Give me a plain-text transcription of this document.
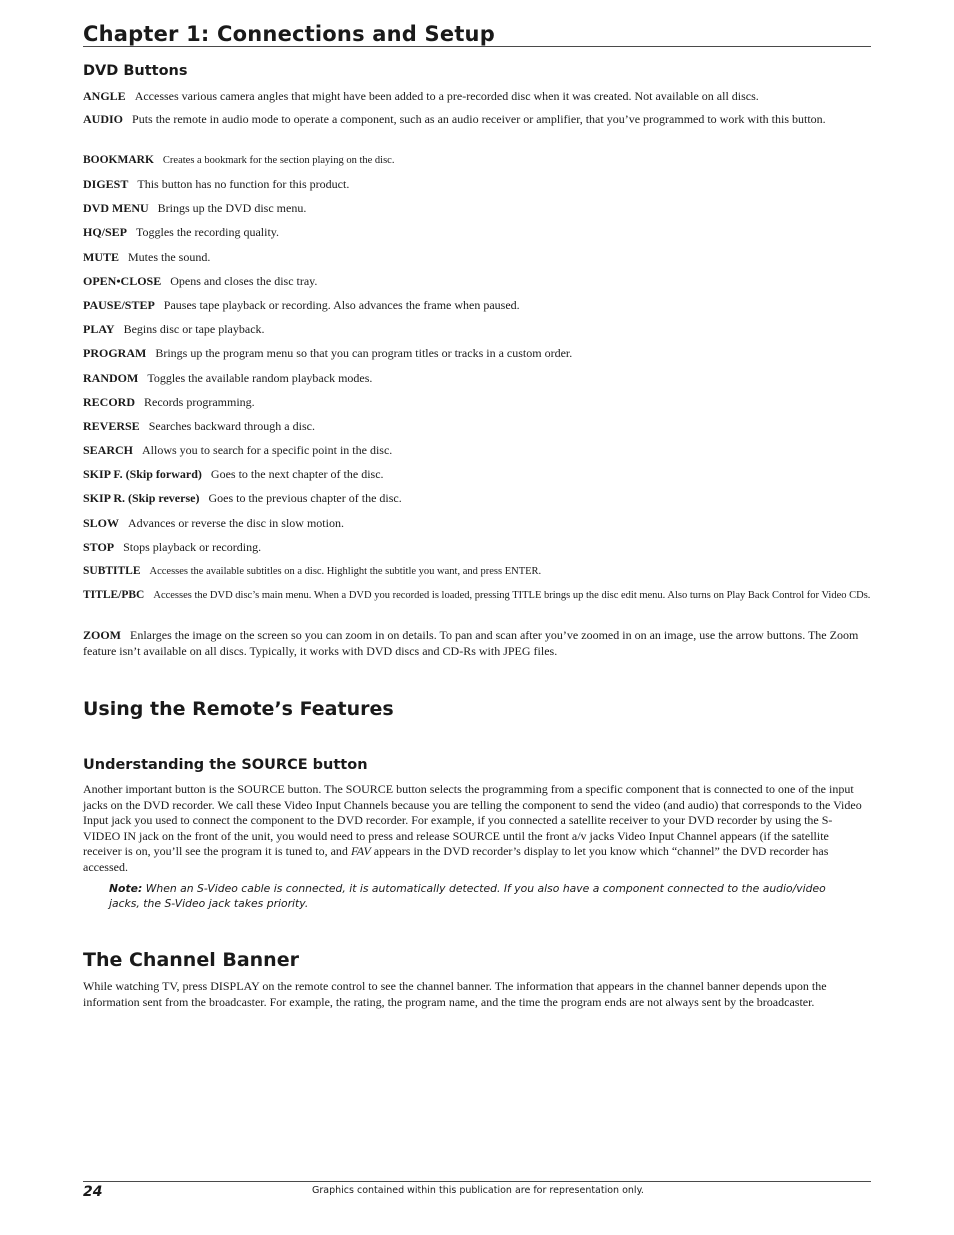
Chapter 1: Connections and Setup
DVD Buttons

ANGLE Accesses various camera angles that might have been added to a pre-recorded disc when it was created. Not available on all discs.

AUDIO Puts the remote in audio mode to operate a component, such as an audio receiver or amplifier, that you’ve programmed to work with this button.

BOOKMARK Creates a bookmark for the section playing on the disc.

DIGEST This button has no function for this product.

DVD MENU Brings up the DVD disc menu.

HQ/SEP Toggles the recording quality.

MUTE Mutes the sound.

OPEN•CLOSE Opens and closes the disc tray.

PAUSE/STEP Pauses tape playback or recording. Also advances the frame when paused.

PLAY Begins disc or tape playback.

PROGRAM Brings up the program menu so that you can program titles or tracks in a custom order.

RANDOM Toggles the available random playback modes.

RECORD Records programming.

REVERSE Searches backward through a disc.

SEARCH Allows you to search for a specific point in the disc.

SKIP F. (Skip forward) Goes to the next chapter of the disc.

SKIP R. (Skip reverse) Goes to the previous chapter of the disc.

SLOW Advances or reverse the disc in slow motion.

STOP Stops playback or recording.

SUBTITLE Accesses the available subtitles on a disc. Highlight the subtitle you want, and press ENTER.

TITLE/PBC Accesses the DVD disc’s main menu. When a DVD you recorded is loaded, pressing TITLE brings up the disc edit menu. Also turns on Play Back Control for Video CDs.

ZOOM Enlarges the image on the screen so you can zoom in on details. To pan and scan after you’ve zoomed in on an image, use the arrow buttons. The Zoom feature isn’t available on all discs. Typically, it works with DVD discs and CD-Rs with JPEG files.

Using the Remote’s Features
Understanding the SOURCE button

Another important button is the SOURCE button. The SOURCE button selects the programming from a specific component that is connected to one of the input jacks on the DVD recorder. We call these Video Input Channels because you are telling the component to send the video (and audio) that corresponds to the Video Input jack you used to connect the component to the DVD recorder. For example, if you connected a satellite receiver to your DVD recorder by using the S-VIDEO IN jack on the front of the unit, you would need to press and release SOURCE until the front a/v jacks Video Input Channel appears (if the satellite receiver is on, you’ll see the program it is tuned to, and FAV appears in the DVD recorder’s display to let you know which “channel” the DVD recorder has accessed.

Note: When an S-Video cable is connected, it is automatically detected. If you also have a component connected to the audio/video jacks, the S-Video jack takes priority.

The Channel Banner

While watching TV, press DISPLAY on the remote control to see the channel banner. The information that appears in the channel banner depends upon the information sent from the broadcaster. For example, the rating, the program name, and the time the program ends are not always sent by the broadcaster.

24	Graphics contained within this publication are for representation only.
